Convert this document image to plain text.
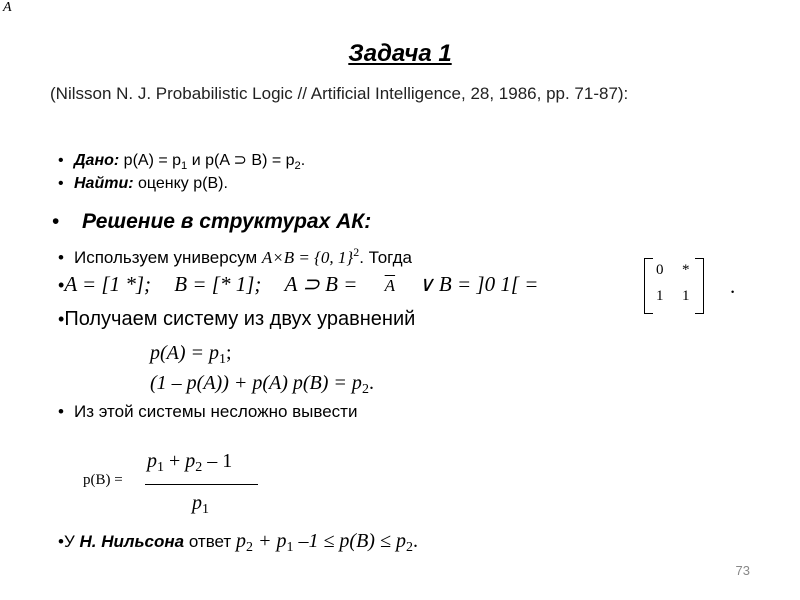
$\overline{A}$
Задача 1
(Nilsson N. J. Probabilistic Logic // Artificial Intelligence, 28, 1986, pp. 71-87):
• Дано: $p(A) = p_1$ и p(A ⊃ $B) = p_2$.
• Найти: оценку p(B).
• Решение в структурах АК:
• Используем универсум A×B = {0, 1}$^2$. Тогда
•A = [1 *]; B = [* 1]; A ⊃ $B = \overline{A}$ ∨ B = ]0 1[ =
0 *
1 1 .
•Получаем систему из двух уравнений
$p(A) = p_1$;
(1 – p(A)) + p(A) $p(B) = p_2$.
• Из этой системы несложно вывести
p(B) =
$p_1 + p_2 - 1$
$p_1$
•У Н. Нильсона ответ $p_2 + p_1$ $-1 \le p(B) \le p_2$.
73
